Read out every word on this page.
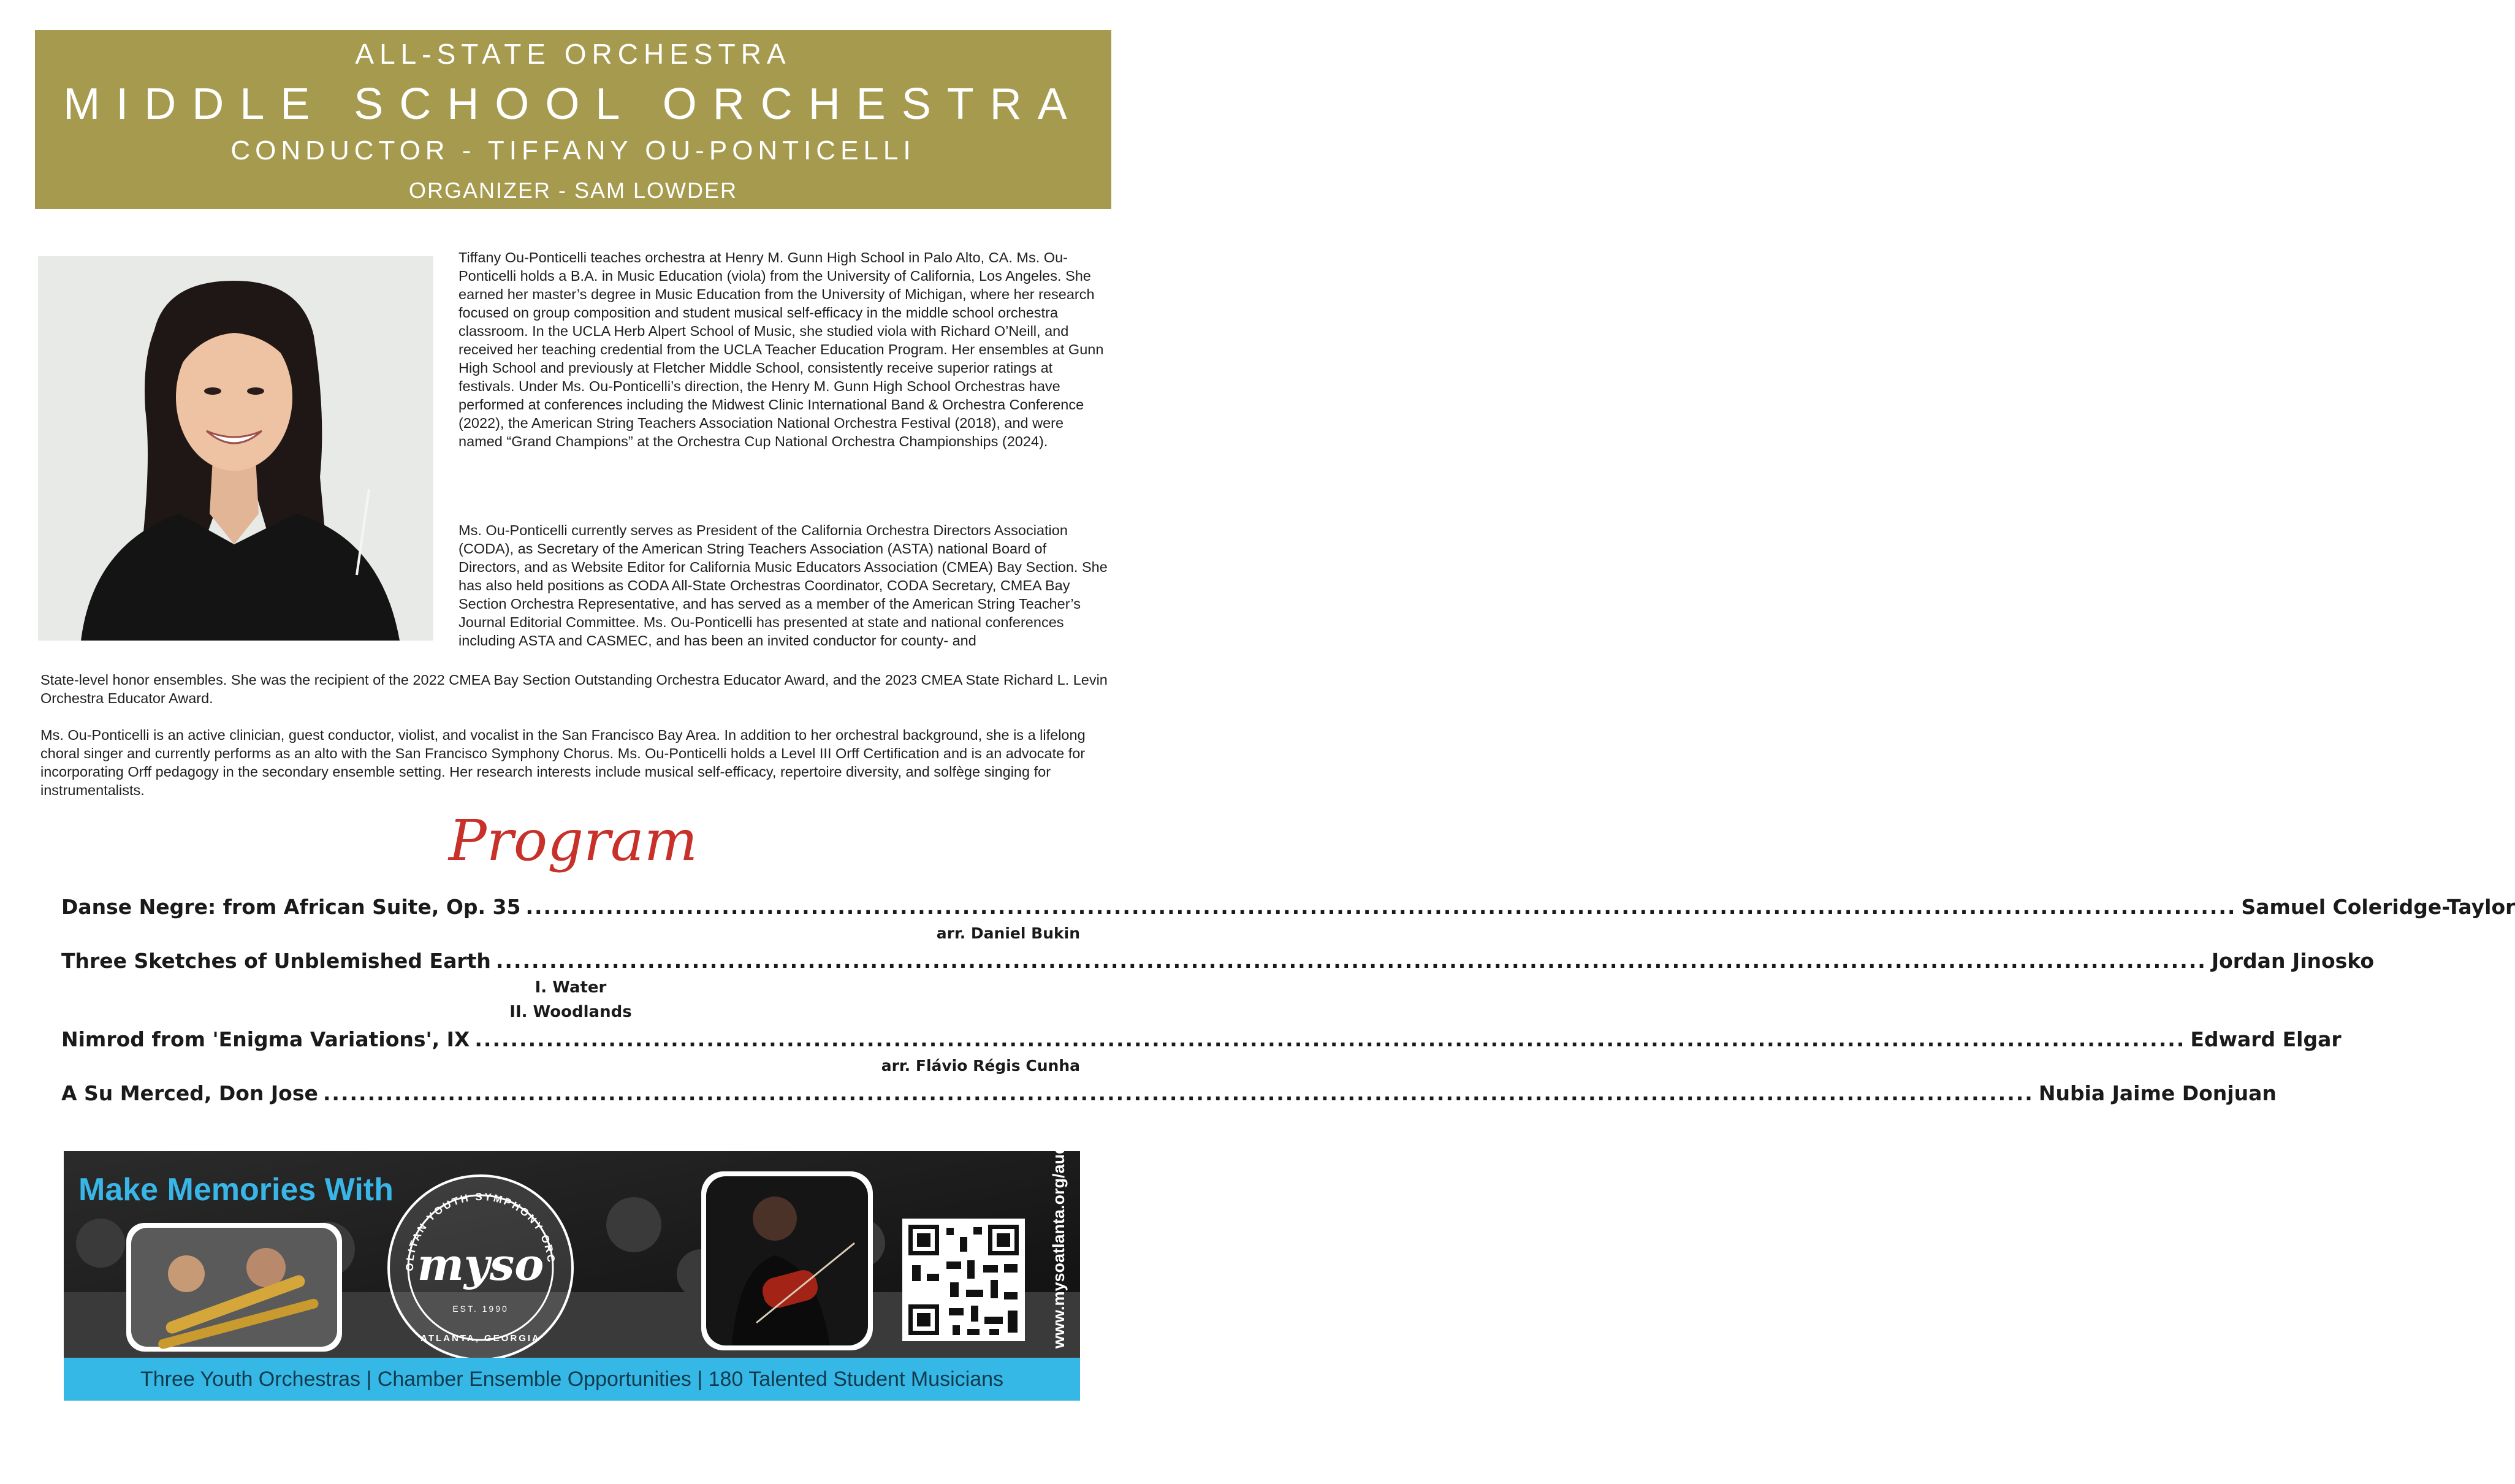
ALL-STATE ORCHESTRA
MIDDLE SCHOOL ORCHESTRA
CONDUCTOR - TIFFANY OU-PONTICELLI
ORGANIZER - SAM LOWDER

Tiffany Ou-Ponticelli teaches orchestra at Henry M. Gunn High School in Palo Alto, CA. Ms. Ou-Ponticelli holds a B.A. in Music Education (viola) from the University of California, Los Angeles. She earned her master’s degree in Music Education from the University of Michigan, where her research focused on group composition and student musical self-efficacy in the middle school orchestra classroom. In the UCLA Herb Alpert School of Music, she studied viola with Richard O’Neill, and received her teaching credential from the UCLA Teacher Education Program. Her ensembles at Gunn High School and previously at Fletcher Middle School, consistently receive superior ratings at festivals. Under Ms. Ou-Ponticelli’s direction, the Henry M. Gunn High School Orchestras have performed at conferences including the Midwest Clinic International Band & Orchestra Conference (2022), the American String Teachers Association National Orchestra Festival (2018), and were named “Grand Champions” at the Orchestra Cup National Orchestra Championships (2024).

Ms. Ou-Ponticelli currently serves as President of the California Orchestra Directors Association (CODA), as Secretary of the American String Teachers Association (ASTA) national Board of Directors, and as Website Editor for California Music Educators Association (CMEA) Bay Section. She has also held positions as CODA All-State Orchestras Coordinator, CODA Secretary, CMEA Bay Section Orchestra Representative, and has served as a member of the American String Teacher’s Journal Editorial Committee. Ms. Ou-Ponticelli has presented at state and national conferences including ASTA and CASMEC, and has been an invited conductor for county- and

State-level honor ensembles. She was the recipient of the 2022 CMEA Bay Section Outstanding Orchestra Educator Award, and the 2023 CMEA State Richard L. Levin Orchestra Educator Award.

Ms. Ou-Ponticelli is an active clinician, guest conductor, violist, and vocalist in the San Francisco Bay Area. In addition to her orchestral background, she is a lifelong choral singer and currently performs as an alto with the San Francisco Symphony Chorus. Ms. Ou-Ponticelli holds a Level III Orff Certification and is an advocate for incorporating Orff pedagogy in the secondary ensemble setting. Her research interests include musical self-efficacy, repertoire diversity, and solfège singing for instrumentalists.

Program
Danse Negre: from African Suite, Op. 35 ................................................................................................................................................................................................ Samuel Coleridge-Taylor
arr. Daniel Bukin
Three Sketches of Unblemished Earth ................................................................................................................................................................................................ Jordan Jinosko
I. Water
II. Woodlands
Nimrod from 'Enigma Variations', IX ................................................................................................................................................................................................ Edward Elgar
arr. Flávio Régis Cunha
A Su Merced, Don Jose ................................................................................................................................................................................................ Nubia Jaime Donjuan
Make Memories With
OLITAN YOUTH SYMPHONY ORC
myso
EST. 1990
ATLANTA, GEORGIA	www.mysoatlanta.org/auditions
Three Youth Orchestras | Chamber Ensemble Opportunities | 180 Talented Student Musicians
